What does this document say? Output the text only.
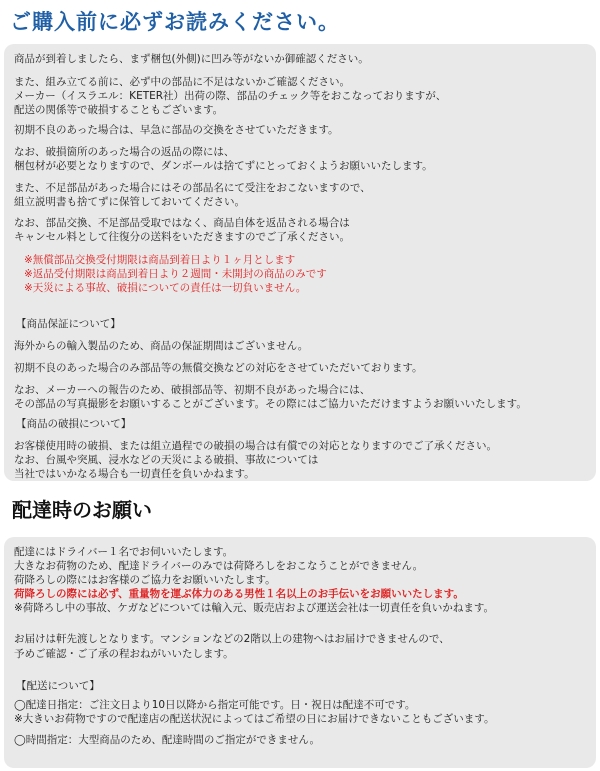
ご購入前に必ずお読みください。
商品が到着しましたら、まず梱包(外側)に凹み等がないか御確認ください。
また、組み立てる前に、必ず中の部品に不足はないかご確認ください。
メーカー（イスラエル：KETER社）出荷の際、部品のチェック等をおこなっておりますが、
配送の関係等で破損することもございます。
初期不良のあった場合は、早急に部品の交換をさせていただきます。
なお、破損箇所のあった場合の返品の際には、
梱包材が必要となりますので、ダンボールは捨てずにとっておくようお願いいたします。
また、不足部品があった場合にはその部品名にて受注をおこないますので、
組立説明書も捨てずに保管しておいてください。
なお、部品交換、不足部品受取ではなく、商品自体を返品される場合は
キャンセル料として往復分の送料をいただきますのでご了承ください。
※無償部品交換受付期限は商品到着日より１ヶ月とします
※返品受付期限は商品到着日より２週間・未開封の商品のみです
※天災による事故、破損についての責任は一切負いません。
【商品保証について】
海外からの輸入製品のため、商品の保証期間はございません。
初期不良のあった場合のみ部品等の無償交換などの対応をさせていただいております。
なお、メーカーへの報告のため、破損部品等、初期不良があった場合には、
その部品の写真撮影をお願いすることがございます。その際にはご協力いただけますようお願いいたします。
【商品の破損について】
お客様使用時の破損、または組立過程での破損の場合は有償での対応となりますのでご了承ください。
なお、台風や突風、浸水などの天災による破損、事故については
当社ではいかなる場合も一切責任を負いかねます。
配達時のお願い
配達にはドライバー１名でお伺いいたします。
大きなお荷物のため、配達ドライバーのみでは荷降ろしをおこなうことができません。
荷降ろしの際にはお客様のご協力をお願いいたします。
荷降ろしの際には必ず、重量物を運ぶ体力のある男性１名以上のお手伝いをお願いいたします。
※荷降ろし中の事故、ケガなどについては輸入元、販売店および運送会社は一切責任を負いかねます。
お届けは軒先渡しとなります。マンションなどの2階以上の建物へはお届けできませんので、
予めご確認・ご了承の程おねがいいたします。
【配送について】
◯配達日指定：ご注文日より10日以降から指定可能です。日・祝日は配達不可です。
※大きいお荷物ですので配達店の配送状況によってはご希望の日にお届けできないこともございます。
◯時間指定：大型商品のため、配達時間のご指定ができません。
